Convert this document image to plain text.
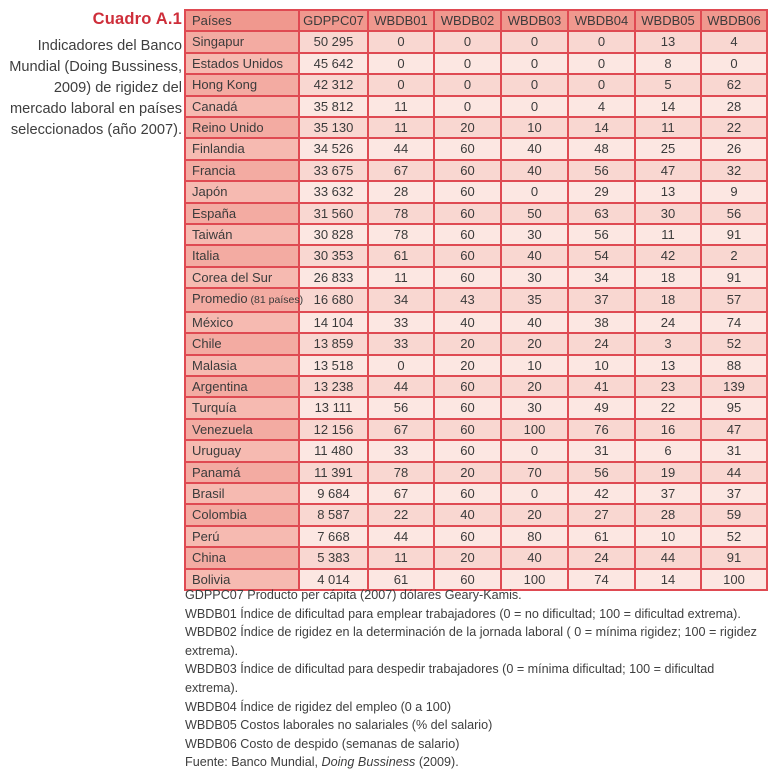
Cuadro A.1
Indicadores del Banco Mundial (Doing Bussiness, 2009) de rigidez del mercado laboral en países seleccionados (año 2007).
Países	GDPPC07	WBDB01	WBDB02	WBDB03	WBDB04	WBDB05	WBDB06
Singapur	50 295	0	0	0	0	13	4
Estados Unidos	45 642	0	0	0	0	8	0
Hong Kong	42 312	0	0	0	0	5	62
Canadá	35 812	11	0	0	4	14	28
Reino Unido	35 130	11	20	10	14	11	22
Finlandia	34 526	44	60	40	48	25	26
Francia	33 675	67	60	40	56	47	32
Japón	33 632	28	60	0	29	13	9
España	31 560	78	60	50	63	30	56
Taiwán	30 828	78	60	30	56	11	91
Italia	30 353	61	60	40	54	42	2
Corea del Sur	26 833	11	60	30	34	18	91
Promedio (81 países)	16 680	34	43	35	37	18	57
México	14 104	33	40	40	38	24	74
Chile	13 859	33	20	20	24	3	52
Malasia	13 518	0	20	10	10	13	88
Argentina	13 238	44	60	20	41	23	139
Turquía	13 111	56	60	30	49	22	95
Venezuela	12 156	67	60	100	76	16	47
Uruguay	11 480	33	60	0	31	6	31
Panamá	11 391	78	20	70	56	19	44
Brasil	9 684	67	60	0	42	37	37
Colombia	8 587	22	40	20	27	28	59
Perú	7 668	44	60	80	61	10	52
China	5 383	11	20	40	24	44	91
Bolivia	4 014	61	60	100	74	14	100
GDPPC07 Producto per cápita (2007) dólares Geary-Kamis.
WBDB01 Índice de dificultad para emplear trabajadores (0 = no dificultad; 100 = dificultad extrema).
WBDB02 Índice de rigidez en la determinación de la jornada laboral ( 0 = mínima rigidez; 100 = rigidez extrema).
WBDB03 Índice de dificultad para despedir trabajadores (0 = mínima dificultad; 100 = dificultad extrema).
WBDB04 Índice de rigidez del empleo (0 a 100)
WBDB05 Costos laborales no salariales (% del salario)
WBDB06 Costo de despido (semanas de salario)
Fuente: Banco Mundial, Doing Bussiness (2009).
